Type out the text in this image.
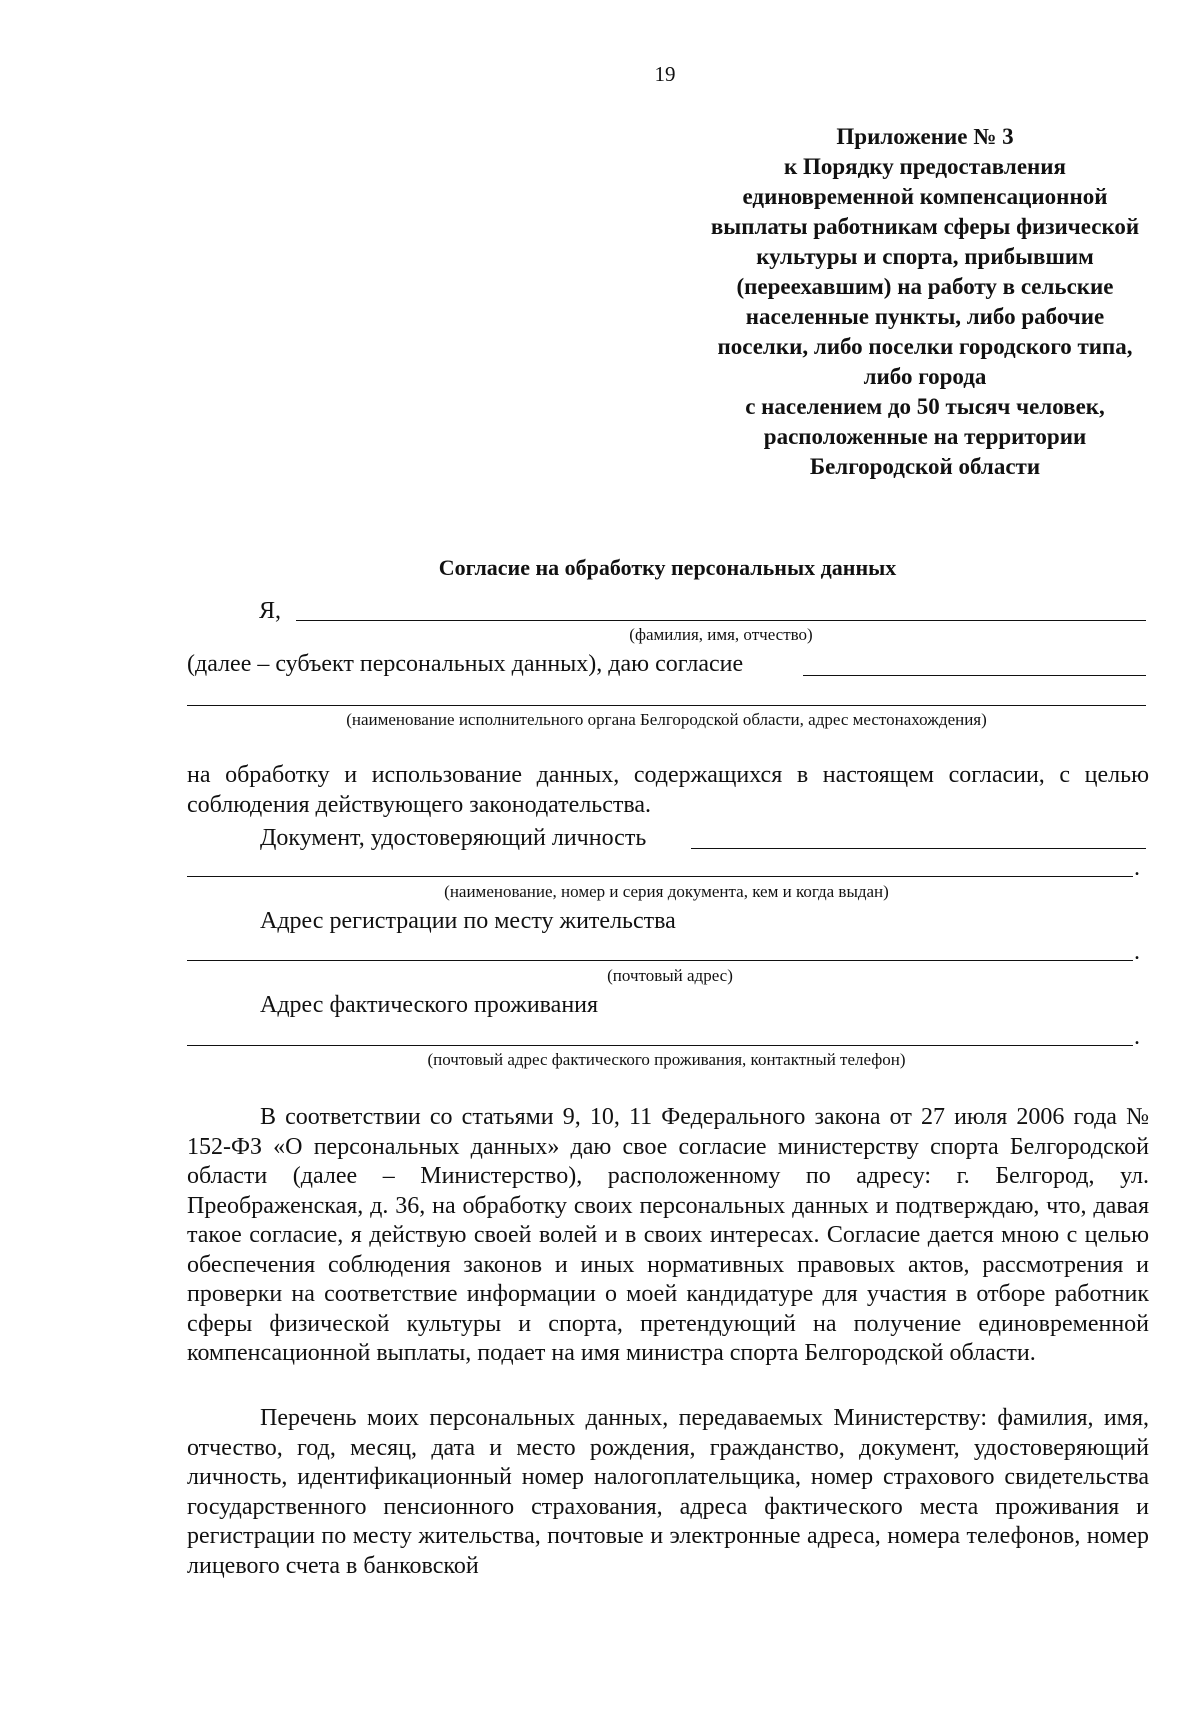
19
Приложение № 3
к Порядку предоставления
единовременной компенсационной
выплаты работникам сферы физической
культуры и спорта, прибывшим
(переехавшим) на работу в сельские
населенные пункты, либо рабочие
поселки, либо поселки городского типа,
либо города
с населением до 50 тысяч человек,
расположенные на территории
Белгородской области
Согласие на обработку персональных данных
Я,
(фамилия, имя, отчество)
(далее – субъект персональных данных), даю согласие
(наименование исполнительного органа Белгородской области, адрес местонахождения)
на обработку и использование данных, содержащихся в настоящем согласии, с целью соблюдения действующего законодательства.
Документ, удостоверяющий личность
.
(наименование, номер и серия документа, кем и когда выдан)
Адрес регистрации по месту жительства
.
(почтовый адрес)
Адрес фактического проживания
.
(почтовый адрес фактического проживания, контактный телефон)
В соответствии со статьями 9, 10, 11 Федерального закона от 27 июля 2006 года № 152-ФЗ «О персональных данных» даю свое согласие министерству спорта Белгородской области (далее – Министерство), расположенному по адресу: г. Белгород, ул. Преображенская, д. 36, на обработку своих персональных данных и подтверждаю, что, давая такое согласие, я действую своей волей и в своих интересах. Согласие дается мною с целью обеспечения соблюдения законов и иных нормативных правовых актов, рассмотрения и проверки на соответствие информации о моей кандидатуре для участия в отборе работник сферы физической культуры и спорта, претендующий на получение единовременной компенсационной выплаты, подает на имя министра спорта Белгородской области.
Перечень моих персональных данных, передаваемых Министерству: фамилия, имя, отчество, год, месяц, дата и место рождения, гражданство, документ, удостоверяющий личность, идентификационный номер налогоплательщика, номер страхового свидетельства государственного пенсионного страхования, адреса фактического места проживания и регистрации по месту жительства, почтовые и электронные адреса, номера телефонов, номер лицевого счета в банковской
